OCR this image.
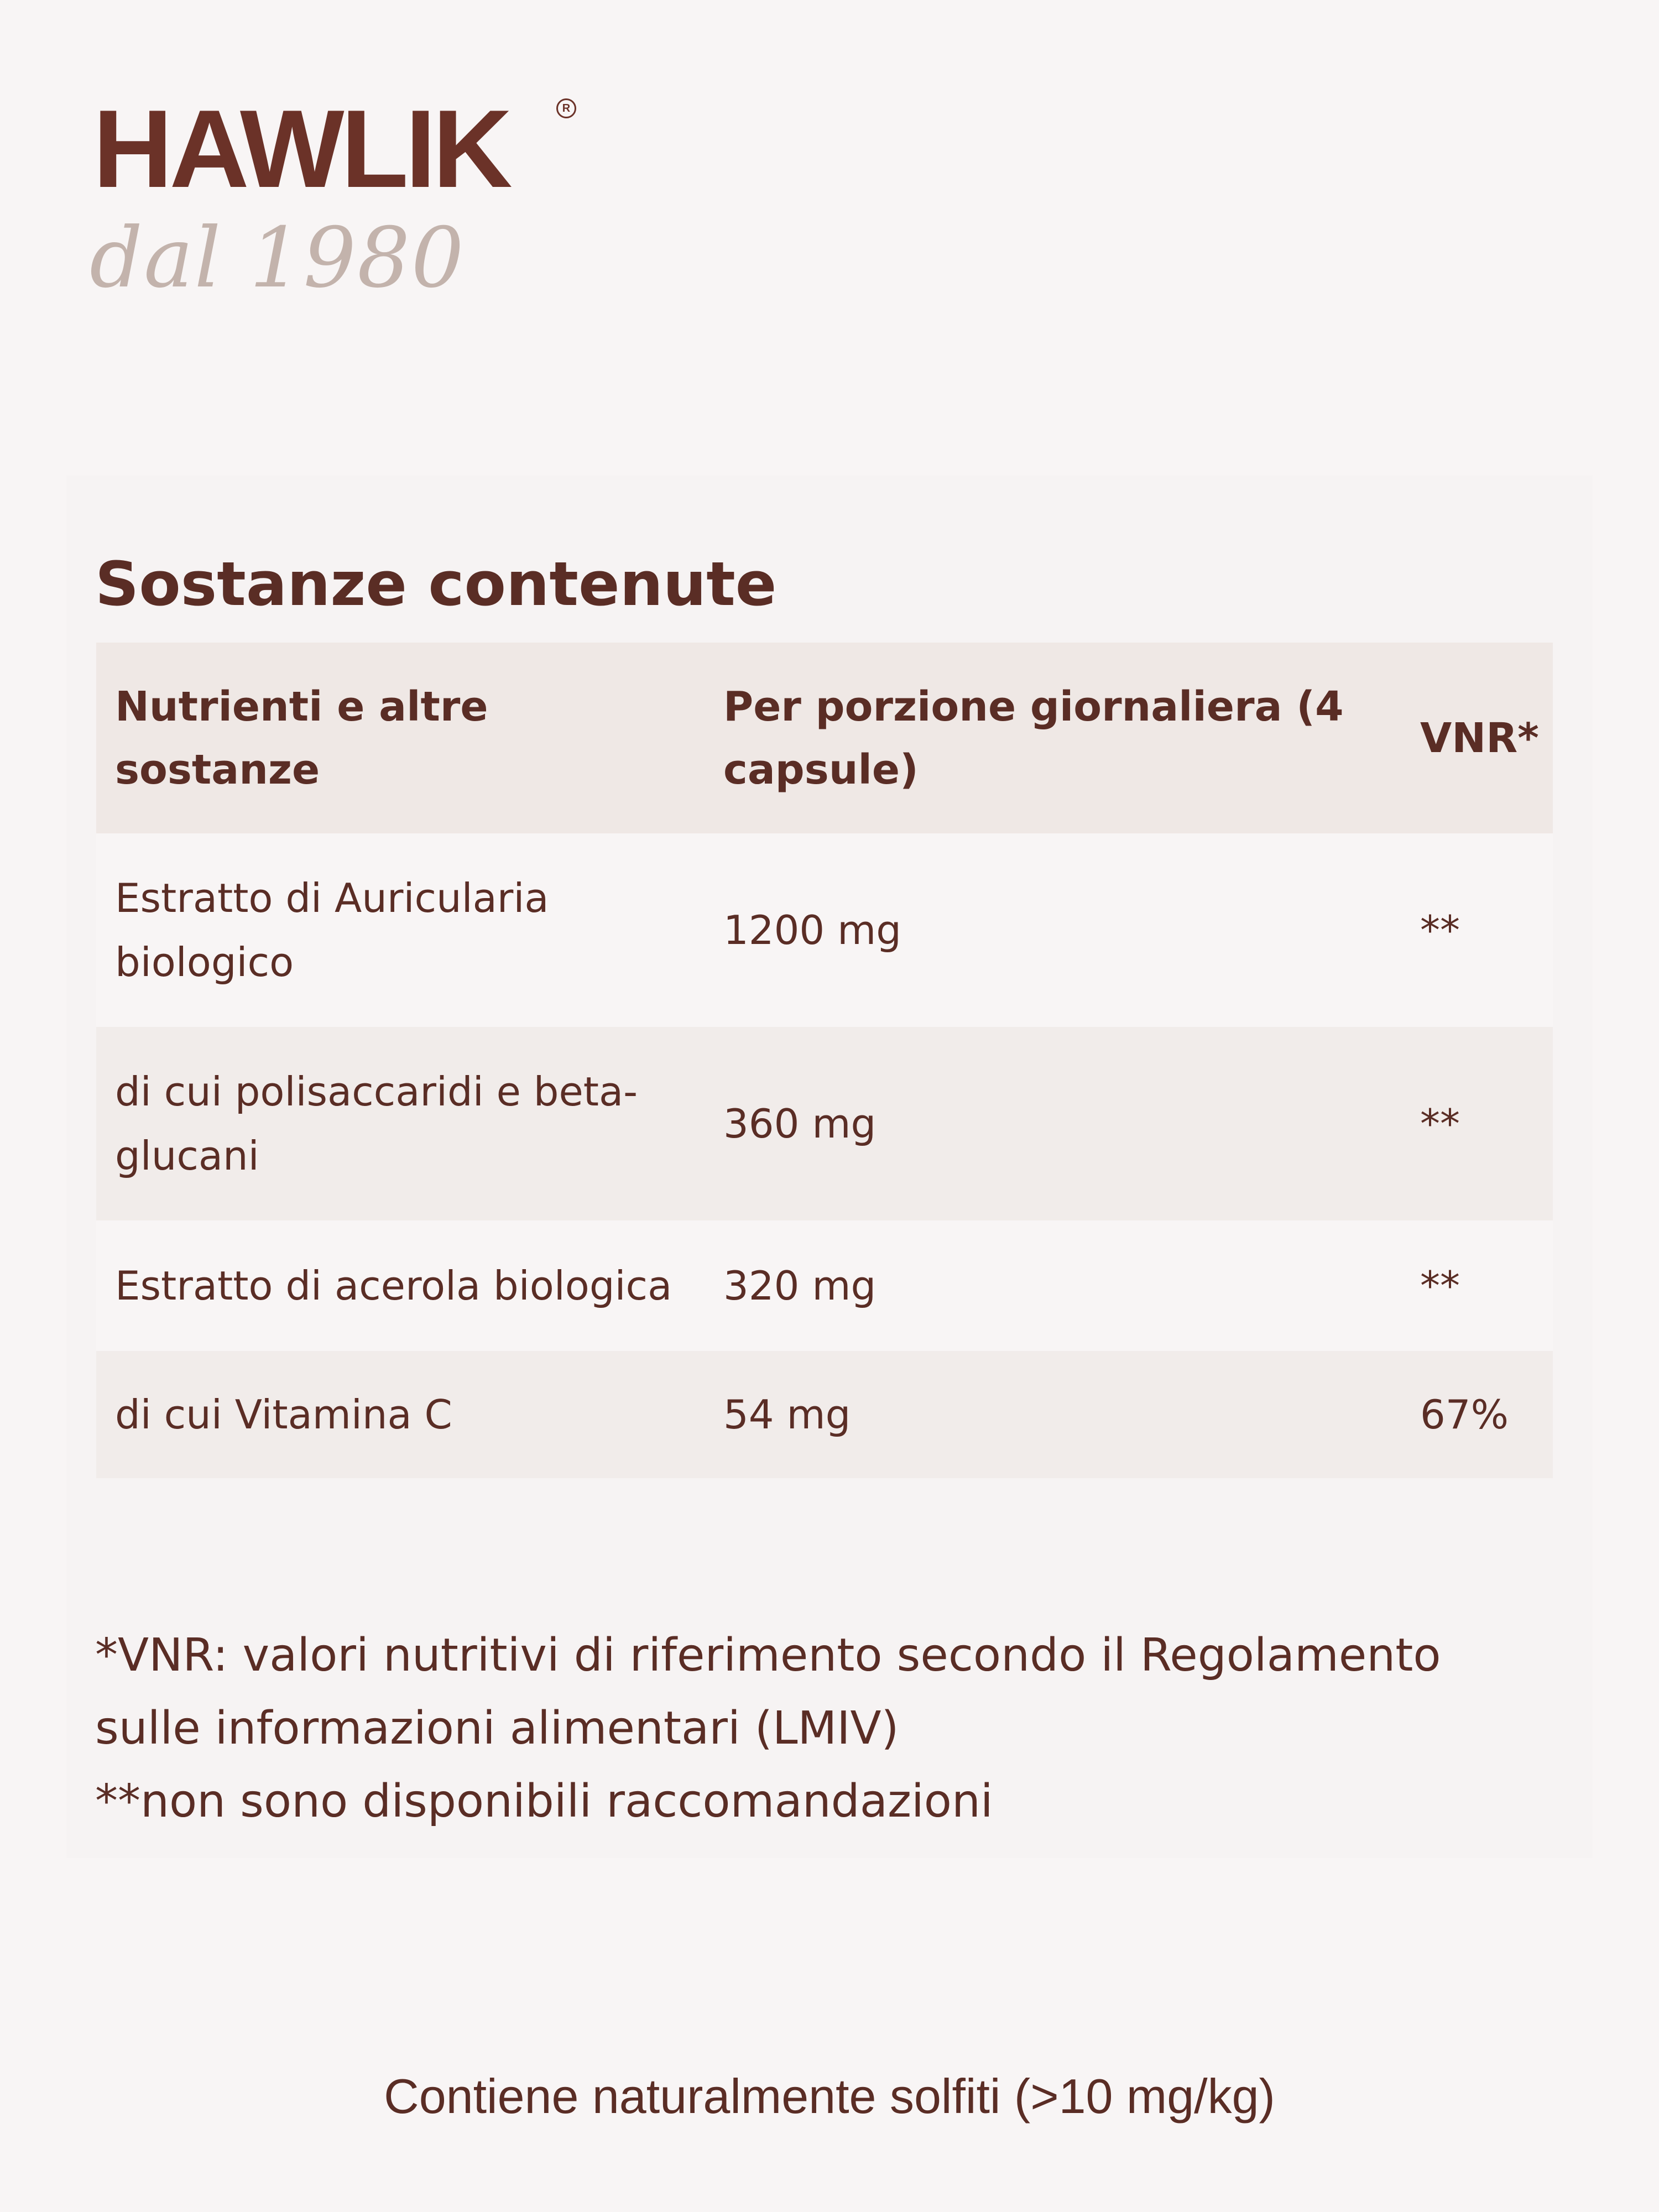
HAWLIK	R
dal 1980
Sostanze contenute
Nutrienti e altre sostanze	Per porzione giornaliera (4 capsule)	VNR*
Estratto di Auricularia biologico	1200 mg	**
di cui polisaccaridi e beta-glucani	360 mg	**
Estratto di acerola biologica	320 mg	**
di cui Vitamina C	54 mg	67%

*VNR: valori nutritivi di riferimento secondo il Regolamento sulle informazioni alimentari (LMIV)

**non sono disponibili raccomandazioni

Contiene naturalmente solfiti (>10 mg/kg)
